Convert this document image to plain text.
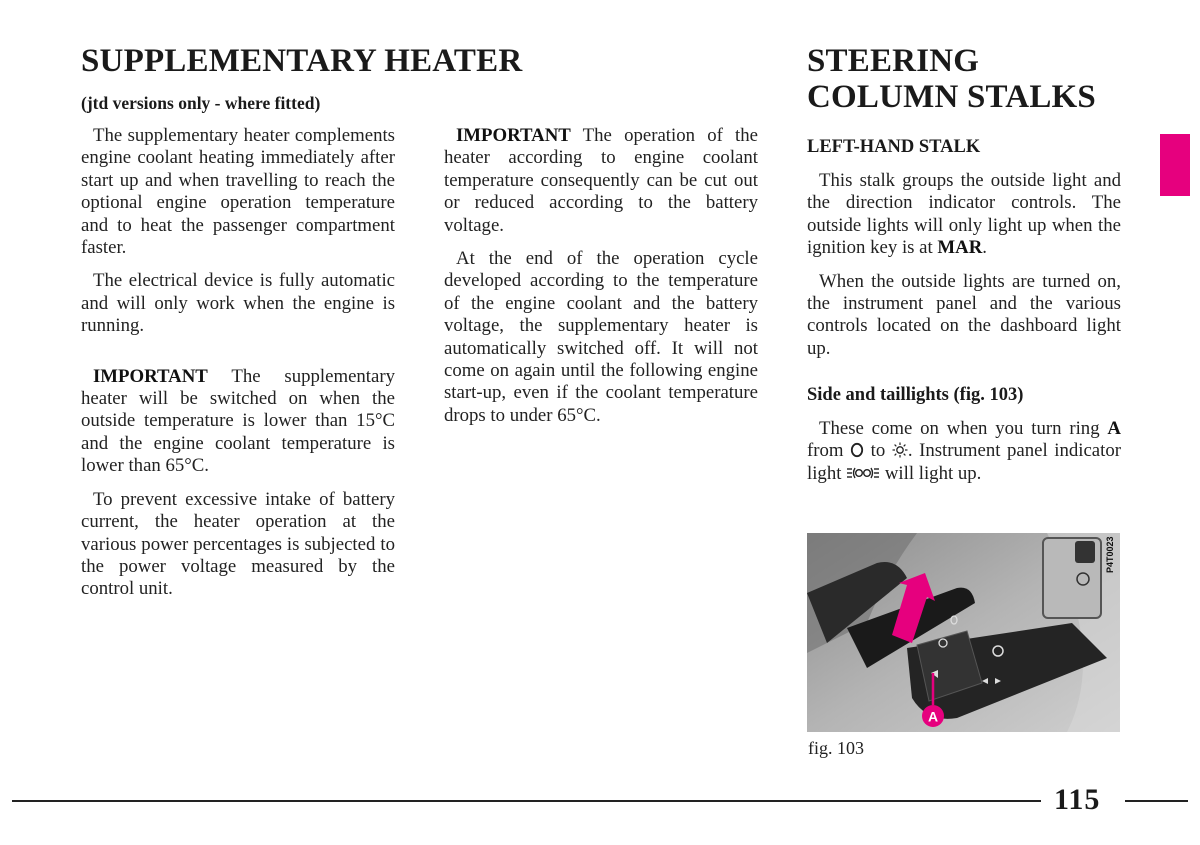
SUPPLEMENTARY HEATER
(jtd versions only - where fitted)

The supplementary heater complements engine coolant heating immediately after start up and when travelling to reach the optional engine operation temperature and to heat the passenger compartment faster.

The electrical device is fully automatic and will only work when the engine is running.

IMPORTANT The supplementary heater will be switched on when the outside temperature is lower than 15°C and the engine coolant temperature is lower than 65°C.

To prevent excessive intake of battery current, the heater operation at the various power percentages is subjected to the power voltage measured by the control unit.

IMPORTANT The operation of the heater according to engine coolant temperature consequently can be cut out or reduced according to the battery voltage.

At the end of the operation cycle developed according to the temperature of the engine coolant and the battery voltage, the supplementary heater is automatically switched off. It will not come on again until the following engine start-up, even if the coolant temperature drops to under 65°C.

STEERING
COLUMN STALKS
LEFT-HAND STALK

This stalk groups the outside light and the direction indicator controls. The outside lights will only light up when the ignition key is at MAR.

When the outside lights are turned on, the instrument panel and the various controls located on the dashboard light up.

Side and taillights (fig. 103)

These come on when you turn ring A from  to . Instrument panel indicator light  will light up.

A
P4T0023
fig. 103
115
